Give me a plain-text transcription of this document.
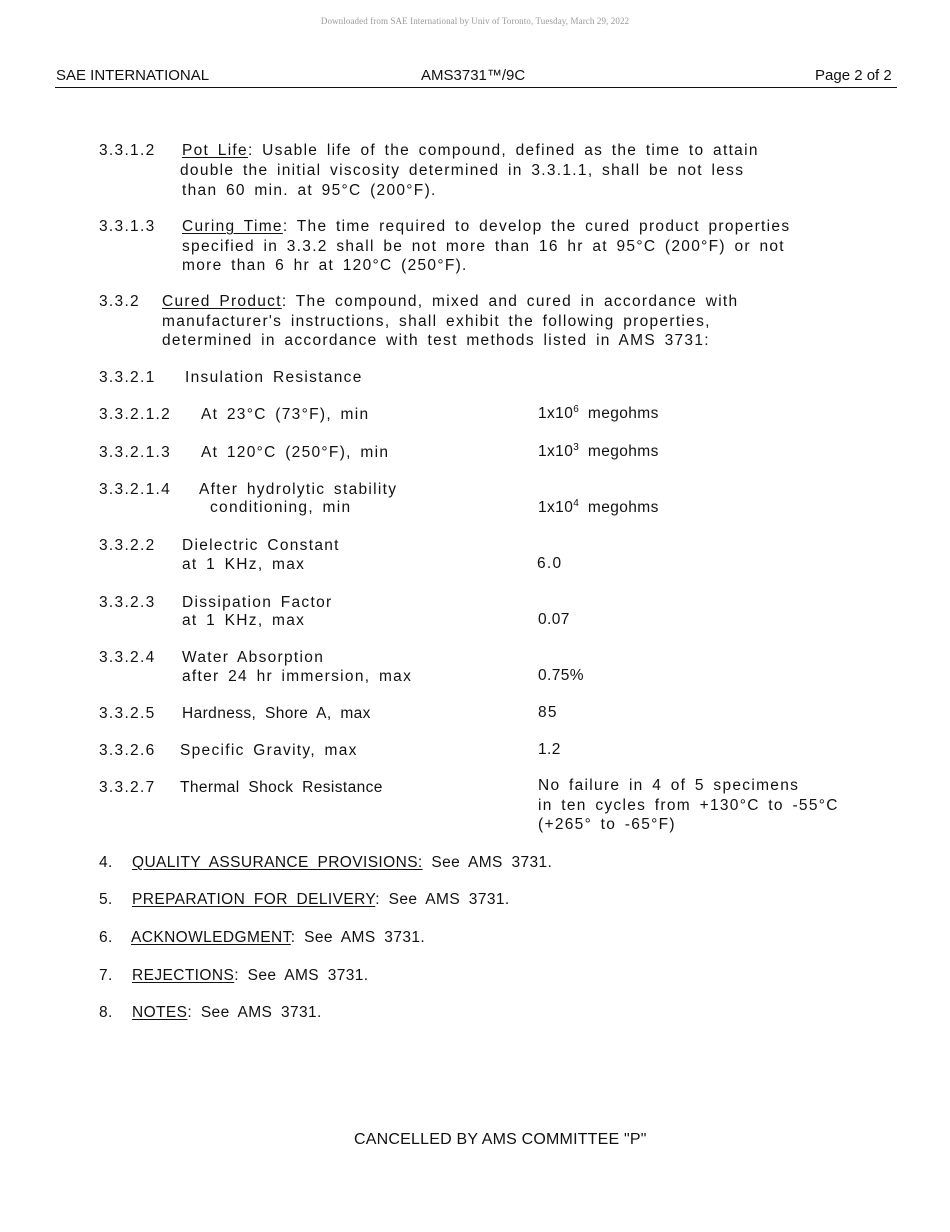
Downloaded from SAE International by Univ of Toronto, Tuesday, March 29, 2022
SAE INTERNATIONAL	AMS3731™/9C	Page 2 of 2
3.3.1.2 Pot Life: Usable life of the compound, defined as the time to attain
double the initial viscosity determined in 3.3.1.1, shall be not less
than 60 min. at 95°C (200°F).
3.3.1.3 Curing Time: The time required to develop the cured product properties
specified in 3.3.2 shall be not more than 16 hr at 95°C (200°F) or not
more than 6 hr at 120°C (250°F).
3.3.2 Cured Product: The compound, mixed and cured in accordance with
manufacturer's instructions, shall exhibit the following properties,
determined in accordance with test methods listed in AMS 3731:
3.3.2.1 Insulation Resistance
3.3.2.1.2 At 23°C (73°F), min	$1x10^6$ megohms
3.3.2.1.3 At 120°C (250°F), min	$1x10^3$ megohms
3.3.2.1.4 After hydrolytic stability
conditioning, min	$1x10^4$ megohms
3.3.2.2 Dielectric Constant
at 1 KHz, max	6.0
3.3.2.3 Dissipation Factor
at 1 KHz, max	0.07
3.3.2.4 Water Absorption
after 24 hr immersion, max	0.75%
3.3.2.5 Hardness, Shore A, max	85
3.3.2.6 Specific Gravity, max	1.2
3.3.2.7 Thermal Shock Resistance	No failure in 4 of 5 specimens
in ten cycles from +130°C to -55°C
(+265° to -65°F)
4. QUALITY ASSURANCE PROVISIONS: See AMS 3731.
5. PREPARATION FOR DELIVERY: See AMS 3731.
6. ACKNOWLEDGMENT: See AMS 3731.
7. REJECTIONS: See AMS 3731.
8. NOTES: See AMS 3731.
CANCELLED BY AMS COMMITTEE "P"
